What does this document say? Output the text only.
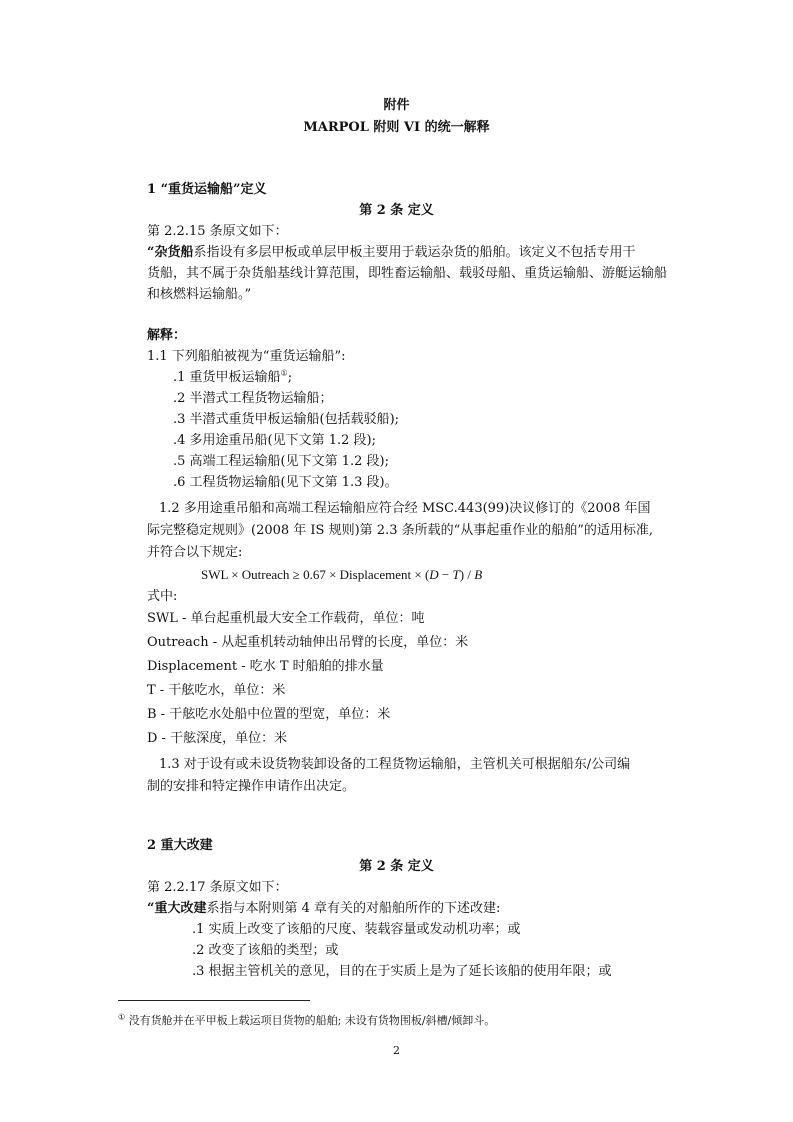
附件
MARPOL 附则 VI 的统一解释
1 “重货运输船”定义
第 2 条 定义
第 2.2.15 条原文如下：
“杂货船系指设有多层甲板或单层甲板主要用于载运杂货的船舶。该定义不包括专用干
货船，其不属于杂货船基线计算范围，即牲畜运输船、载驳母船、重货运输船、游艇运输船
和核燃料运输船。”
解释：
1.1 下列船舶被视为“重货运输船”:
.1 重货甲板运输船①;
.2 半潜式工程货物运输船；
.3 半潜式重货甲板运输船(包括载驳船);
.4 多用途重吊船(见下文第 1.2 段);
.5 高端工程运输船(见下文第 1.2 段);
.6 工程货物运输船(见下文第 1.3 段)。
1.2 多用途重吊船和高端工程运输船应符合经 MSC.443(99)决议修订的《2008 年国
际完整稳定规则》(2008 年 IS 规则)第 2.3 条所载的“从事起重作业的船舶”的适用标准,
并符合以下规定:
SWL × Outreach ≥ 0.67 × Displacement × (D − T) / B
式中:
SWL - 单台起重机最大安全工作载荷，单位：吨
Outreach - 从起重机转动轴伸出吊臂的长度，单位：米
Displacement - 吃水 T 时船舶的排水量
T - 干舷吃水，单位：米
B - 干舷吃水处船中位置的型宽，单位：米
D - 干舷深度，单位：米
1.3 对于设有或未设货物装卸设备的工程货物运输船，主管机关可根据船东/公司编
制的安排和特定操作申请作出决定。
2 重大改建
第 2 条 定义
第 2.2.17 条原文如下：
“重大改建系指与本附则第 4 章有关的对船舶所作的下述改建:
.1 实质上改变了该船的尺度、装载容量或发动机功率；或
.2 改变了该船的类型；或
.3 根据主管机关的意见，目的在于实质上是为了延长该船的使用年限；或
① 没有货舱并在平甲板上载运项目货物的船舶; 未设有货物围板/斜槽/倾卸斗。
2
